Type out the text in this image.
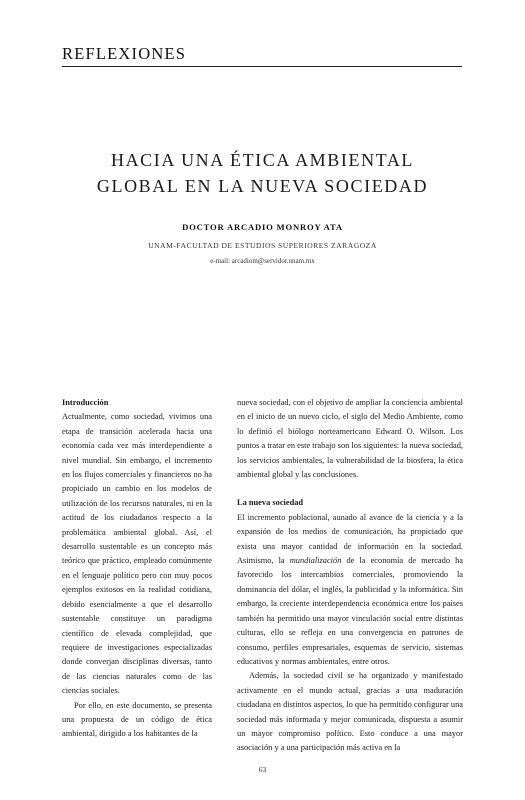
REFLEXIONES
HACIA UNA ÉTICA AMBIENTAL
GLOBAL EN LA NUEVA SOCIEDAD
DOCTOR ARCADIO MONROY ATA
UNAM-FACULTAD DE ESTUDIOS SUPERIORES ZARAGOZA
e-mail: arcadiom@servidor.unam.mx
Introducción

Actualmente, como sociedad, vivimos una etapa de transición acelerada hacia una economía cada vez más interdependiente a nivel mundial. Sin embargo, el incremento en los flujos comerciales y financieros no ha propiciado un cambio en los modelos de utilización de los recursos naturales, ni en la actitud de los ciudadanos respecto a la problemática ambiental global. Así, el desarrollo sustentable es un concepto más teórico que práctico, empleado comúnmente en el lenguaje político pero con muy pocos ejemplos exitosos en la realidad cotidiana, debido esencialmente a que el desarrollo sustentable constituye un paradigma científico de elevada complejidad, que requiere de investigaciones especializadas donde converjan disciplinas diversas, tanto de las ciencias naturales como de las ciencias sociales.

Por ello, en este documento, se presenta una propuesta de un código de ética ambiental, dirigido a los habitantes de la

nueva sociedad, con el objetivo de ampliar la conciencia ambiental en el inicio de un nuevo ciclo, el siglo del Medio Ambiente, como lo definió el biólogo norteamericano Edward O. Wilson. Los puntos a tratar en este trabajo son los siguientes: la nueva sociedad, los servicios ambientales, la vulnerabilidad de la biosfera, la ética ambiental global y las conclusiones.

La nueva sociedad

El incremento poblacional, aunado al avance de la ciencia y a la expansión de los medios de comunicación, ha propiciado que exista una mayor cantidad de información en la sociedad. Asimismo, la mundialización de la economía de mercado ha favorecido los intercambios comerciales, promoviendo la dominancia del dólar, el inglés, la publicidad y la informática. Sin embargo, la creciente interdependencia económica entre los países también ha permitido una mayor vinculación social entre distintas culturas, ello se refleja en una convergencia en patrones de consumo, perfiles empresariales, esquemas de servicio, sistemas educativos y normas ambientales, entre otros.

Además, la sociedad civil se ha organizado y manifestado activamente en el mundo actual, gracias a una maduración ciudadana en distintos aspectos, lo que ha permitido configurar una sociedad más informada y mejor comunicada, dispuesta a asumir un mayor compromiso político. Esto conduce a una mayor asociación y a una participación más activa en la

63
